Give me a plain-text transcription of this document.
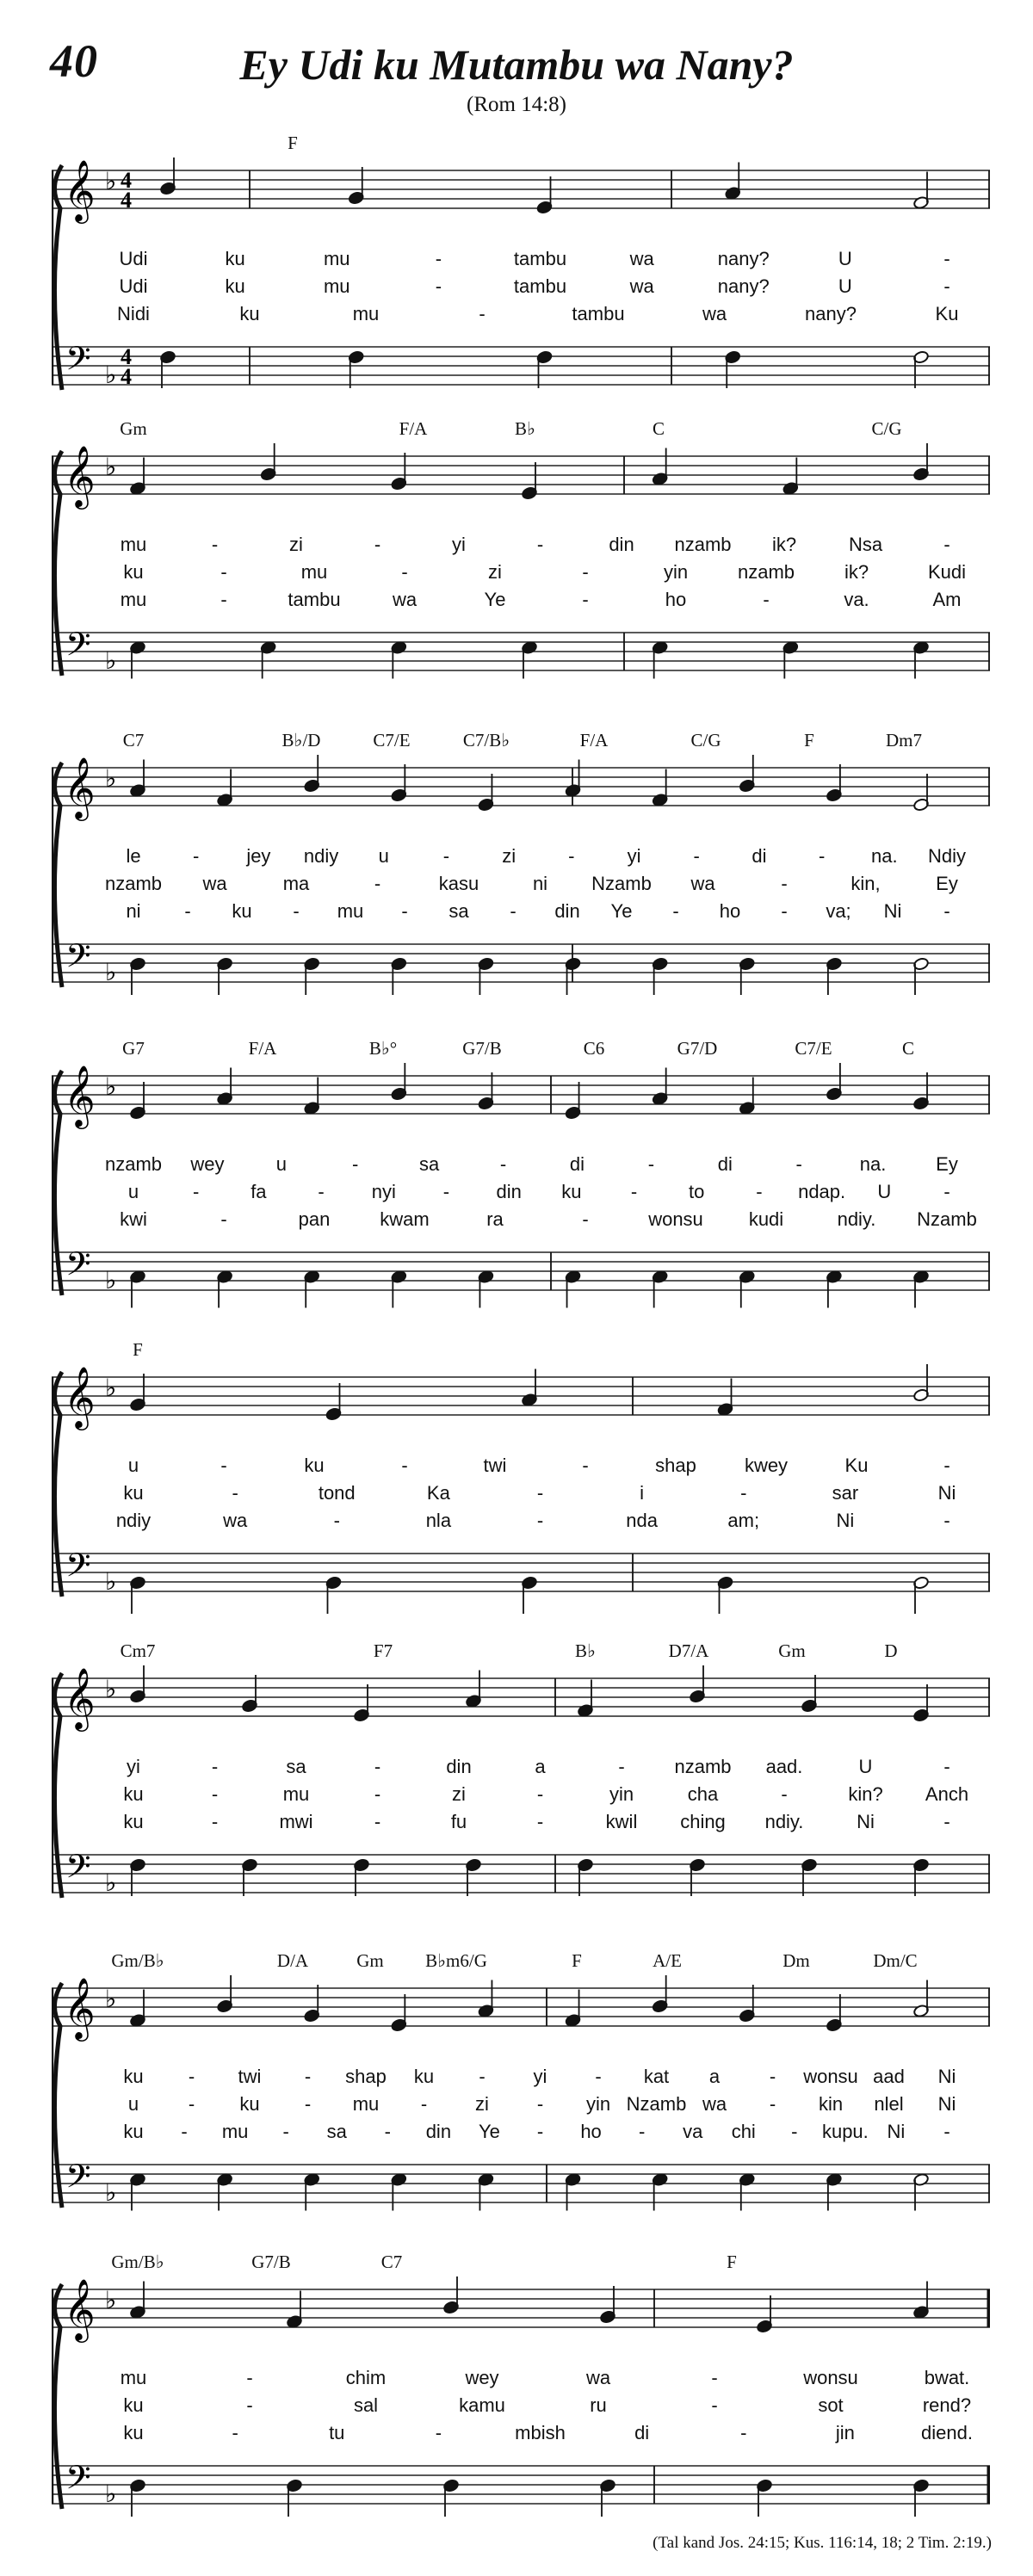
40	Ey Udi ku Mutambu wa Nany?
(Rom 14:8)
𝄞
𝄢
♭
♭
4
4
4
4
F
Udi	ku	mu	-	tambu	wa	nany?	U	-
Udi	ku	mu	-	tambu	wa	nany?	U	-
Nidi	ku	mu	-	tambu	wa	nany?	Ku
𝄞
𝄢
♭
♭
Gm	F/A	B♭	C	C/G
mu	-	zi	-	yi	-	din nzamb ik?	Nsa	-
ku	-	mu	-	zi	-	yin	nzamb	ik?	Kudi
mu	-	tambu	wa	Ye	-	ho	-	va.	Am
𝄞
𝄢
♭
♭
C7	B♭/D	C7/E	C7/B♭	F/A	C/G	F	Dm7
le	- jey ndiy u	-	zi	-	yi	-	di	- na. Ndiy
nzamb wa	ma	-	kasu	ni Nzamb wa	-	kin,	Ey
ni - ku - mu - sa - din Ye - ho - va; Ni -
𝄞
𝄢
♭
♭
G7	F/A	B♭°	G7/B	C6	G7/D	C7/E	C
nzamb wey	u	-	sa	-	di	-	di	-	na.	Ey
u	-	fa	- nyi - din ku	-	to	- ndap. U	-
kwi	-	pan	kwam	ra	-	wonsu kudi	ndiy. Nzamb
𝄞
𝄢
♭
♭
F
u	-	ku	-	twi	-	shap	kwey	Ku	-
ku	-	tond	Ka	-	i	-	sar	Ni
ndiy	wa	-	nla	-	nda	am;	Ni	-
𝄞
𝄢
♭
♭
Cm7	F7	B♭	D7/A	Gm	D
yi	-	sa	-	din	a	-	nzamb aad.	U	-
ku	-	mu	-	zi	-	yin	cha	-	kin? Anch
ku	-	mwi	-	fu	-	kwil ching ndiy.	Ni	-
𝄞
𝄢
♭
♭
Gm/B♭	D/A	Gm B♭m6/G	F	A/E	Dm	Dm/C
ku - twi - shap ku -	yi	- kat a	- wonsu aad Ni
u	- ku - mu -	zi	- yin Nzamb wa - kin nlel Ni
ku - mu - sa - din Ye - ho - va chi - kupu. Ni -
𝄞
𝄢
♭
♭
Gm/B♭	G7/B	C7	F
mu	-	chim	wey	wa	-	wonsu	bwat.
ku	-	sal	kamu	ru	-	sot	rend?
ku	-	tu	-	mbish	di	-	jin	diend.
(Tal kand Jos. 24:15; Kus. 116:14, 18; 2 Tim. 2:19.)
